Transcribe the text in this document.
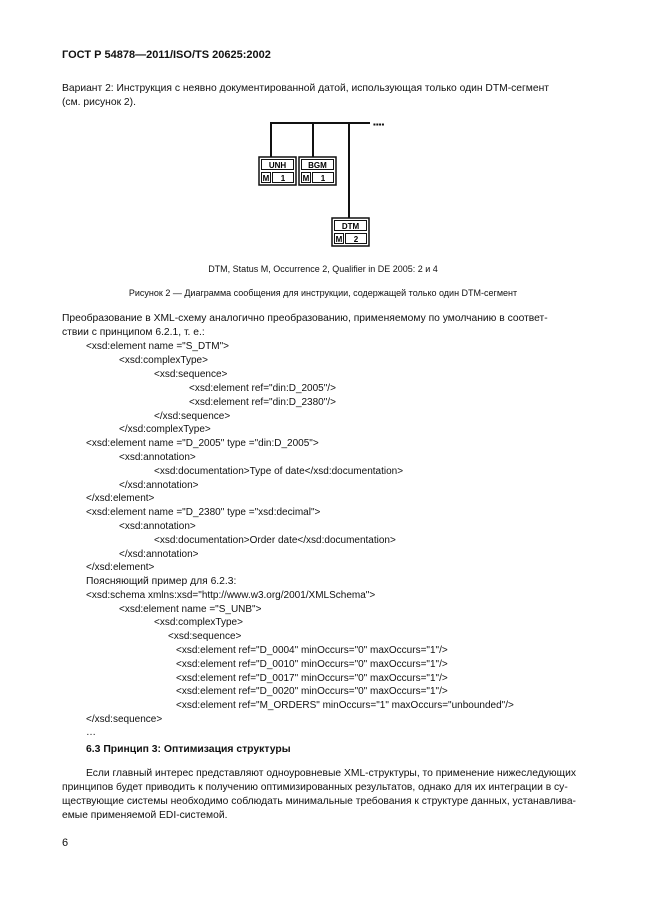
ГОСТ Р 54878—2011/ISO/TS 20625:2002
Вариант 2: Инструкция с неявно документированной датой, использующая только один DTM-сегмент
(см. рисунок 2).
▪▪▪▪
UNH
M 1
BGM
M 1
DTM
M 2
DTM, Status M, Occurrence 2, Qualifier in DE 2005: 2 и 4
Рисунок 2 — Диаграмма сообщения для инструкции, содержащей только один DTM-сегмент
Преобразование в XML-схему аналогично преобразованию, применяемому по умолчанию в соответ-
ствии с принципом 6.2.1, т. е.:
<xsd:element name ="S_DTM">
<xsd:complexType>
<xsd:sequence>
<xsd:element ref="din:D_2005"/>
<xsd:element ref="din:D_2380"/>
</xsd:sequence>
</xsd:complexType>
<xsd:element name ="D_2005" type ="din:D_2005">
<xsd:annotation>
<xsd:documentation>Type of date</xsd:documentation>
</xsd:annotation>
</xsd:element>
<xsd:element name ="D_2380" type ="xsd:decimal">
<xsd:annotation>
<xsd:documentation>Order date</xsd:documentation>
</xsd:annotation>
</xsd:element>
Поясняющий пример для 6.2.3:
<xsd:schema xmlns:xsd="http://www.w3.org/2001/XMLSchema">
<xsd:element name ="S_UNB">
<xsd:complexType>
<xsd:sequence>
<xsd:element ref="D_0004" minOccurs="0" maxOccurs="1"/>
<xsd:element ref="D_0010" minOccurs="0" maxOccurs="1"/>
<xsd:element ref="D_0017" minOccurs="0" maxOccurs="1"/>
<xsd:element ref="D_0020" minOccurs="0" maxOccurs="1"/>
<xsd:element ref="M_ORDERS" minOccurs="1" maxOccurs="unbounded"/>
</xsd:sequence>
…
6.3 Принцип 3: Оптимизация структуры
Если главный интерес представляют одноуровневые XML-структуры, то применение нижеследующих
принципов будет приводить к получению оптимизированных результатов, однако для их интеграции в су-
ществующие системы необходимо соблюдать минимальные требования к структуре данных, устанавлива-
емые применяемой EDI-системой.
6
